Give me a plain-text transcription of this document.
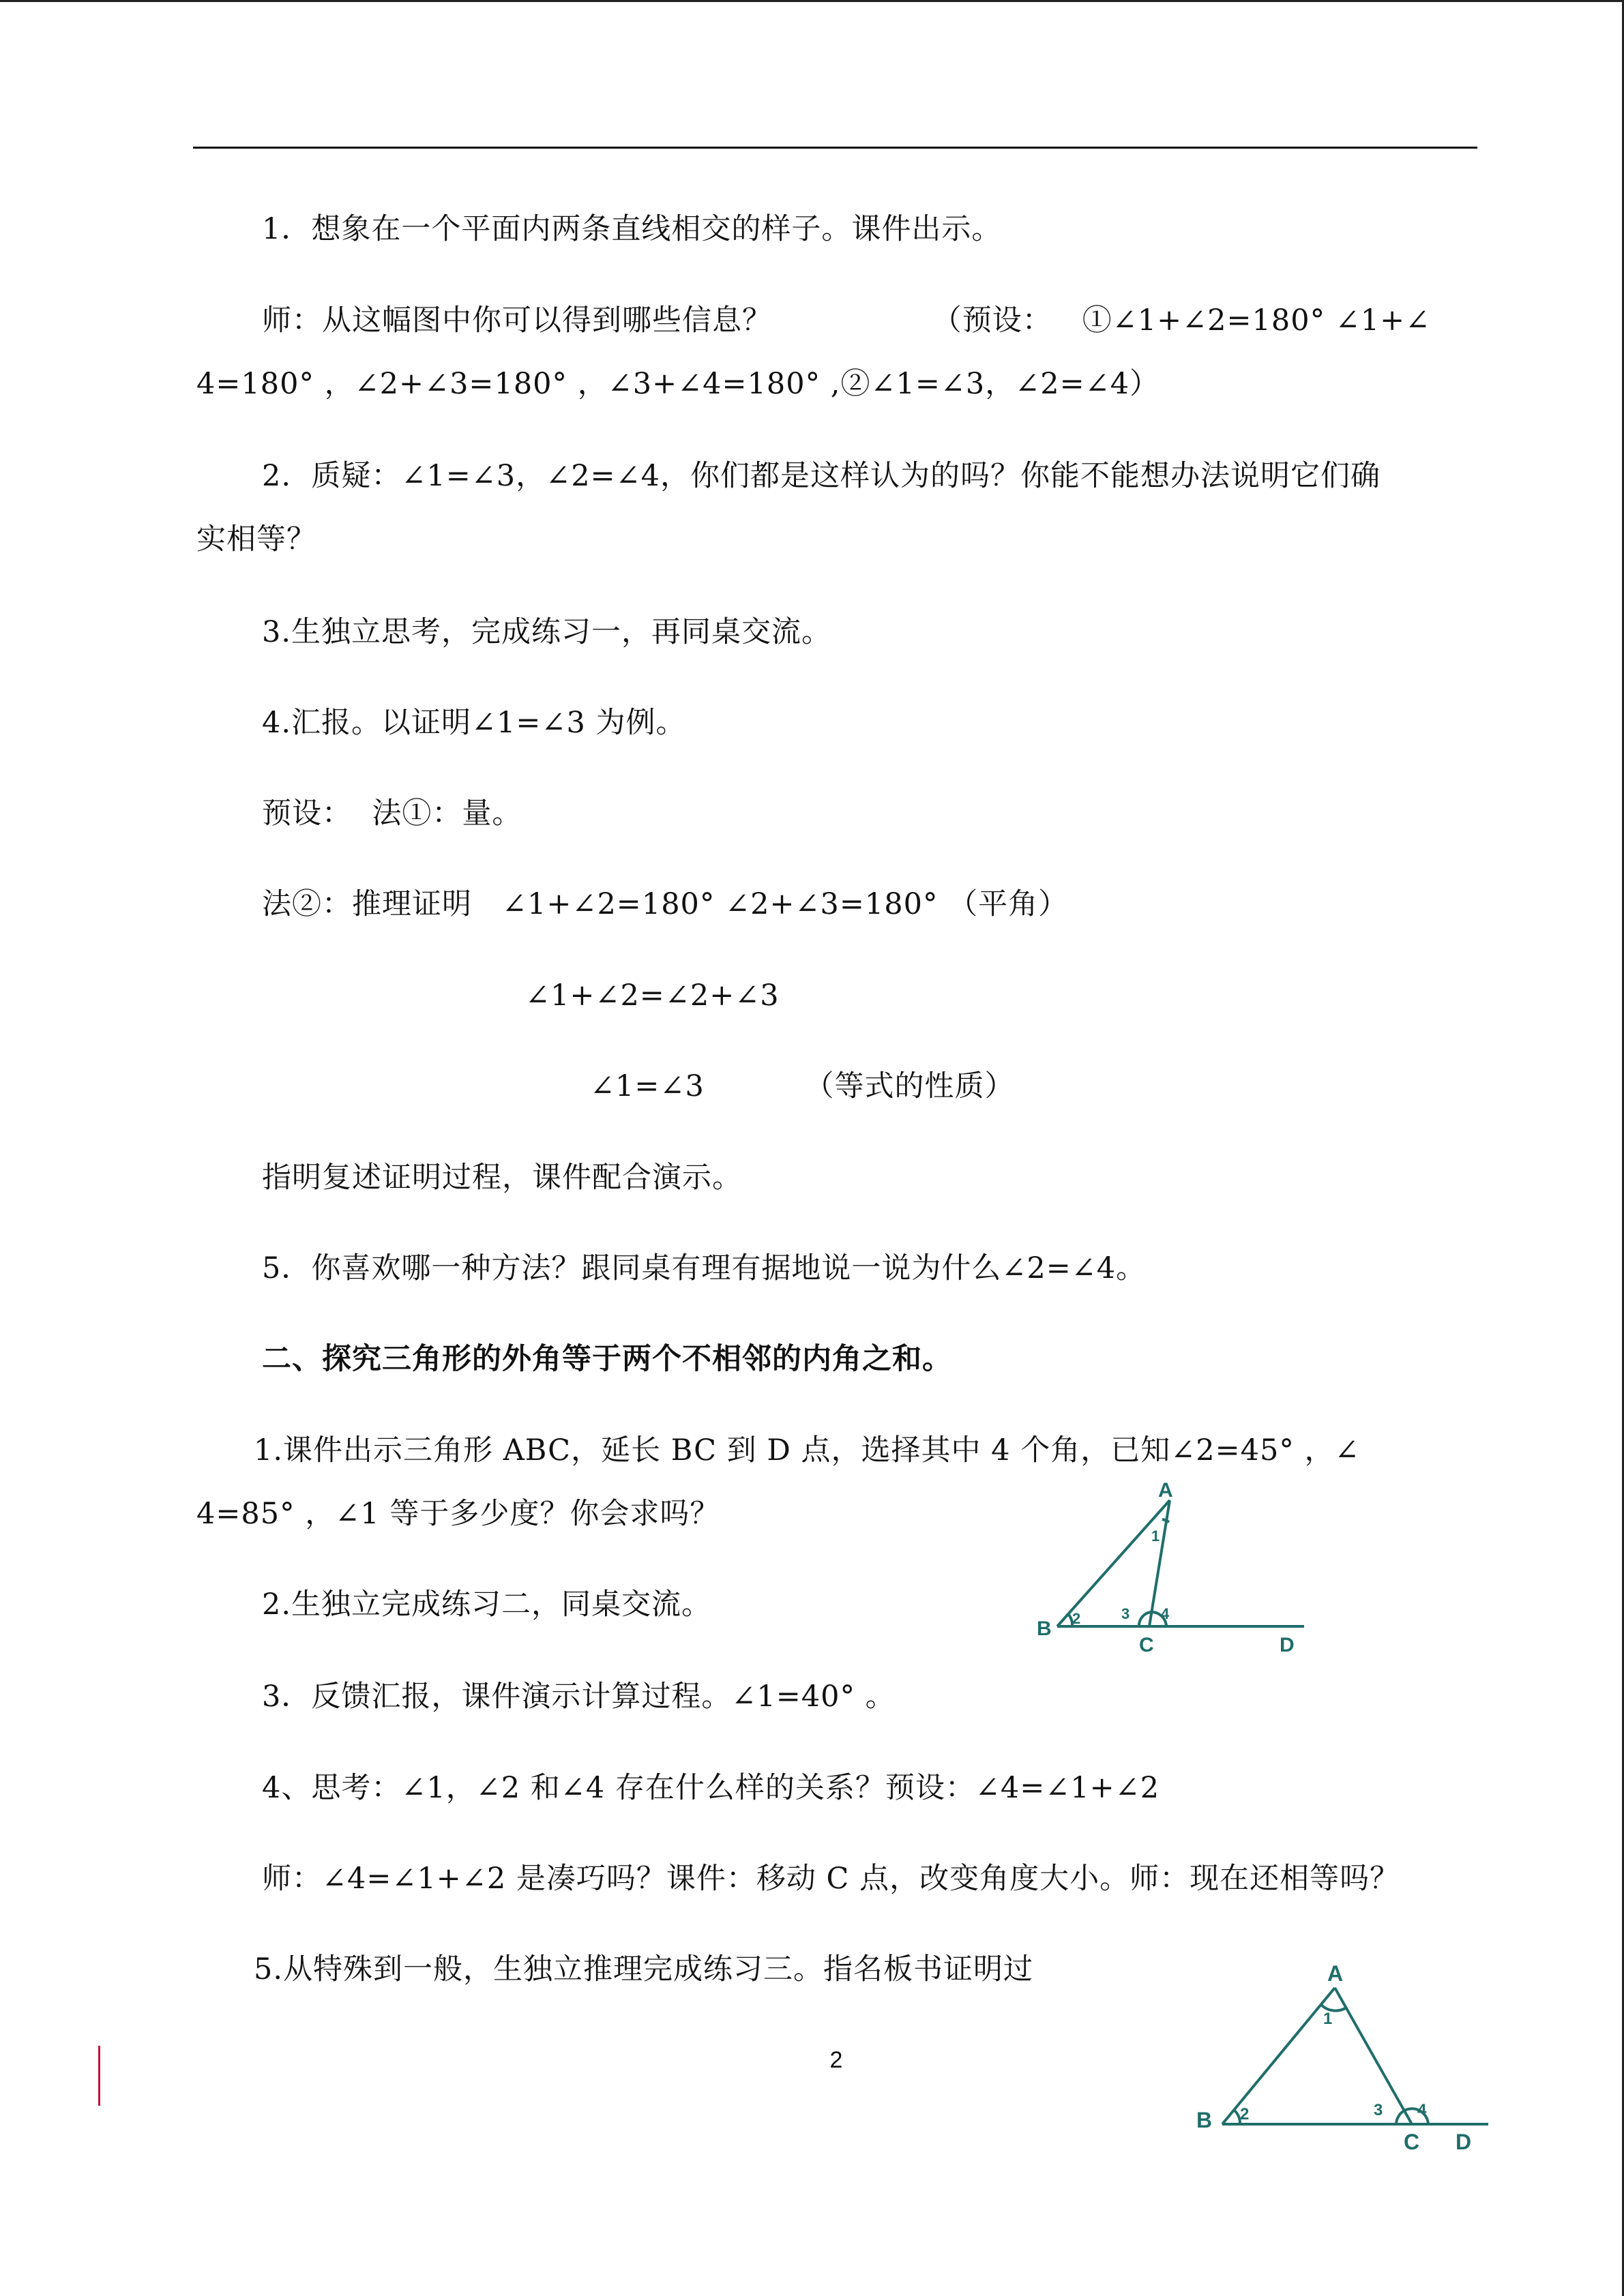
1．想象在一个平面内两条直线相交的样子。课件出示。
师：从这幅图中你可以得到哪些信息？                （预设：   ①∠1+∠2=180° ∠1+∠
4=180° ，∠2+∠3=180° ，∠3+∠4=180° ,②∠1=∠3，∠2=∠4）
2.  质疑：∠1=∠3，∠2=∠4，你们都是这样认为的吗？你能不能想办法说明它们确
实相等？
3.生独立思考，完成练习一，再同桌交流。
4.汇报。以证明∠1=∠3 为例。
预设：  法①：量。
法②：推理证明   ∠1+∠2=180° ∠2+∠3=180° （平角）
∠1+∠2=∠2+∠3
∠1=∠3          （等式的性质）
指明复述证明过程，课件配合演示。
5．你喜欢哪一种方法？跟同桌有理有据地说一说为什么∠2=∠4。
二、探究三角形的外角等于两个不相邻的内角之和。
1.课件出示三角形 ABC，延长 BC 到 D 点，选择其中 4 个角，已知∠2=45° ，∠
4=85° ，∠1 等于多少度？你会求吗？
2.生独立完成练习二，同桌交流。
3．反馈汇报，课件演示计算过程。∠1=40° 。
4、思考：∠1，∠2 和∠4 存在什么样的关系？预设：∠4=∠1+∠2
师：∠4=∠1+∠2 是凑巧吗？课件：移动 C 点，改变角度大小。师：现在还相等吗？
5.从特殊到一般，生独立推理完成练习三。指名板书证明过
2
A
B
C	D
1
2	3 4
A
B
C D
1
2	3 4
